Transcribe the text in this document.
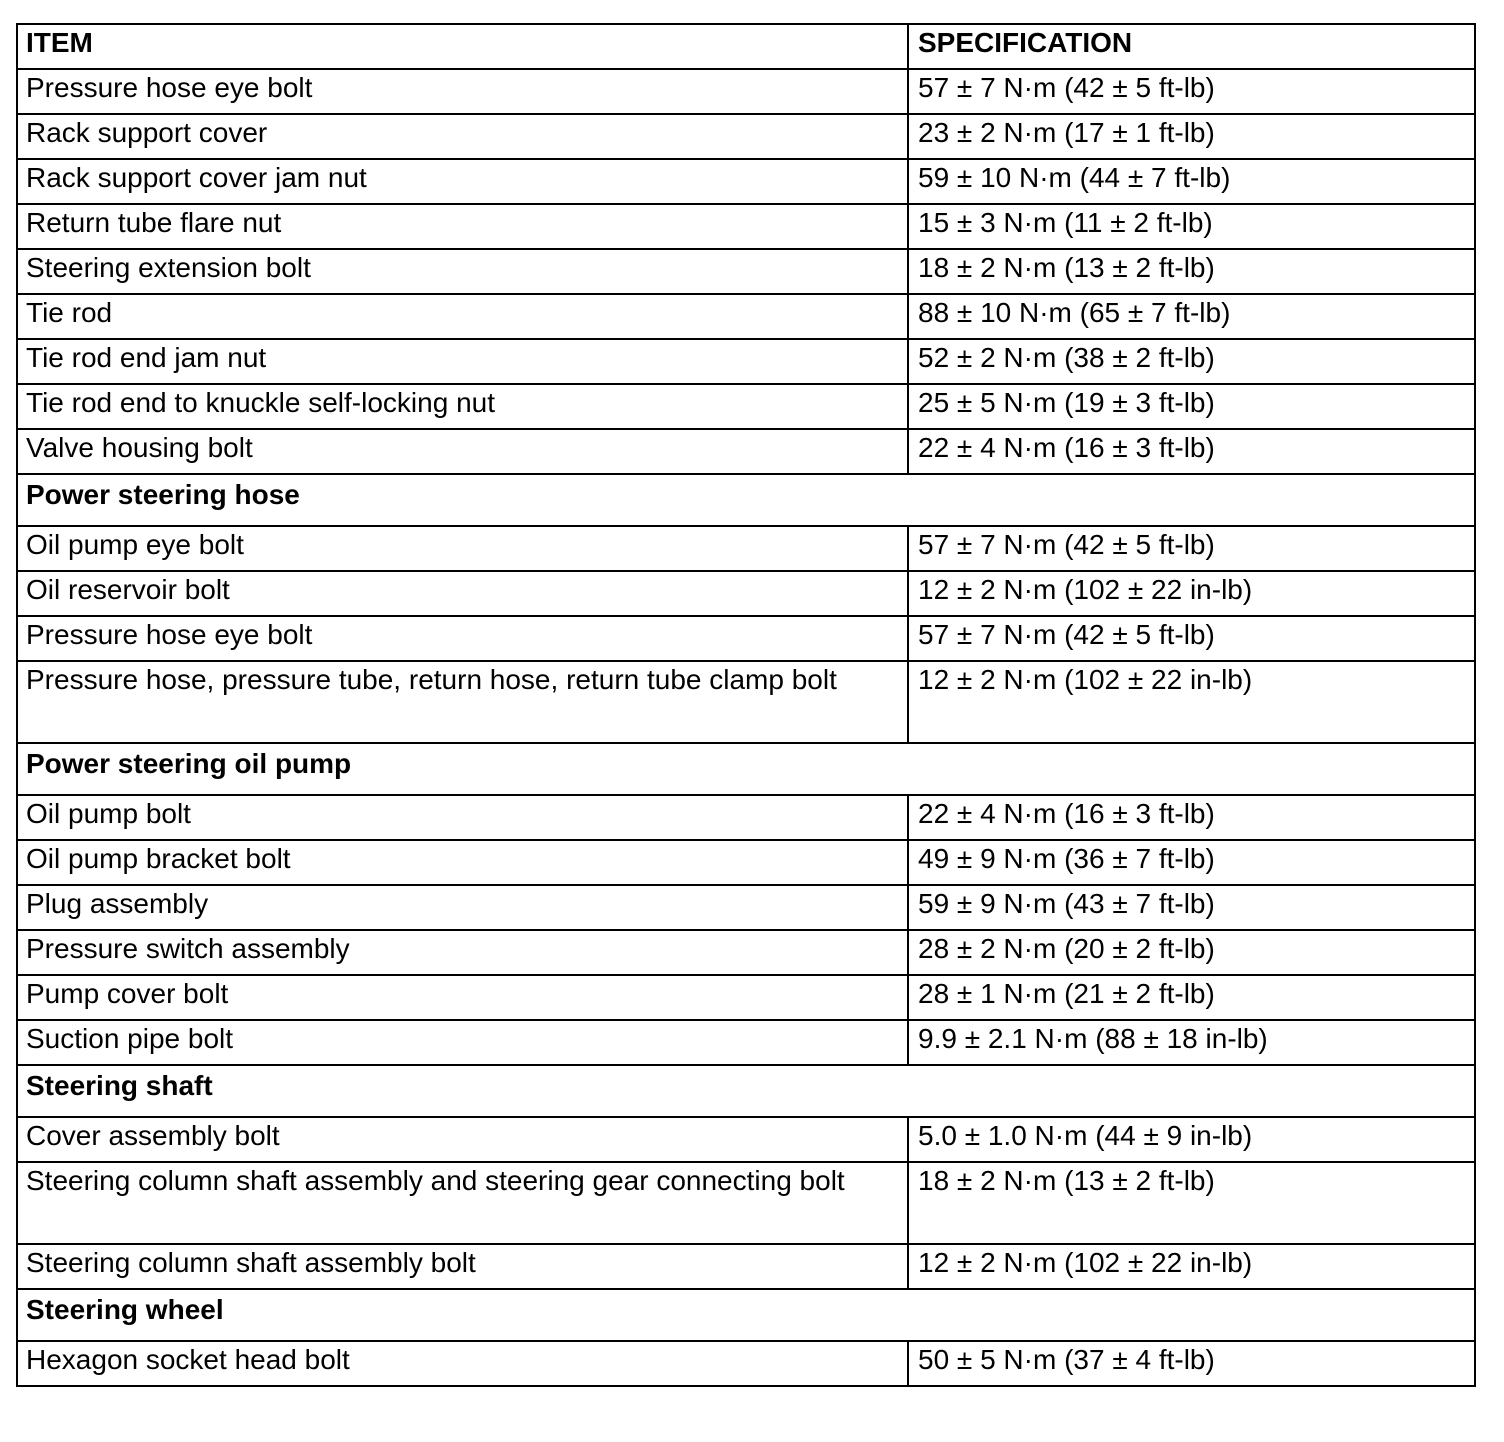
ITEM	SPECIFICATION
Pressure hose eye bolt	57 ± 7 N·m (42 ± 5 ft-lb)
Rack support cover	23 ± 2 N·m (17 ± 1 ft-lb)
Rack support cover jam nut	59 ± 10 N·m (44 ± 7 ft-lb)
Return tube flare nut	15 ± 3 N·m (11 ± 2 ft-lb)
Steering extension bolt	18 ± 2 N·m (13 ± 2 ft-lb)
Tie rod	88 ± 10 N·m (65 ± 7 ft-lb)
Tie rod end jam nut	52 ± 2 N·m (38 ± 2 ft-lb)
Tie rod end to knuckle self-locking nut	25 ± 5 N·m (19 ± 3 ft-lb)
Valve housing bolt	22 ± 4 N·m (16 ± 3 ft-lb)
Power steering hose	
Oil pump eye bolt	57 ± 7 N·m (42 ± 5 ft-lb)
Oil reservoir bolt	12 ± 2 N·m (102 ± 22 in-lb)
Pressure hose eye bolt	57 ± 7 N·m (42 ± 5 ft-lb)
Pressure hose, pressure tube, return hose, return tube clamp bolt	12 ± 2 N·m (102 ± 22 in-lb)
Power steering oil pump	
Oil pump bolt	22 ± 4 N·m (16 ± 3 ft-lb)
Oil pump bracket bolt	49 ± 9 N·m (36 ± 7 ft-lb)
Plug assembly	59 ± 9 N·m (43 ± 7 ft-lb)
Pressure switch assembly	28 ± 2 N·m (20 ± 2 ft-lb)
Pump cover bolt	28 ± 1 N·m (21 ± 2 ft-lb)
Suction pipe bolt	9.9 ± 2.1 N·m (88 ± 18 in-lb)
Steering shaft	
Cover assembly bolt	5.0 ± 1.0 N·m (44 ± 9 in-lb)
Steering column shaft assembly and steering gear connecting bolt	18 ± 2 N·m (13 ± 2 ft-lb)
Steering column shaft assembly bolt	12 ± 2 N·m (102 ± 22 in-lb)
Steering wheel	
Hexagon socket head bolt	50 ± 5 N·m (37 ± 4 ft-lb)
